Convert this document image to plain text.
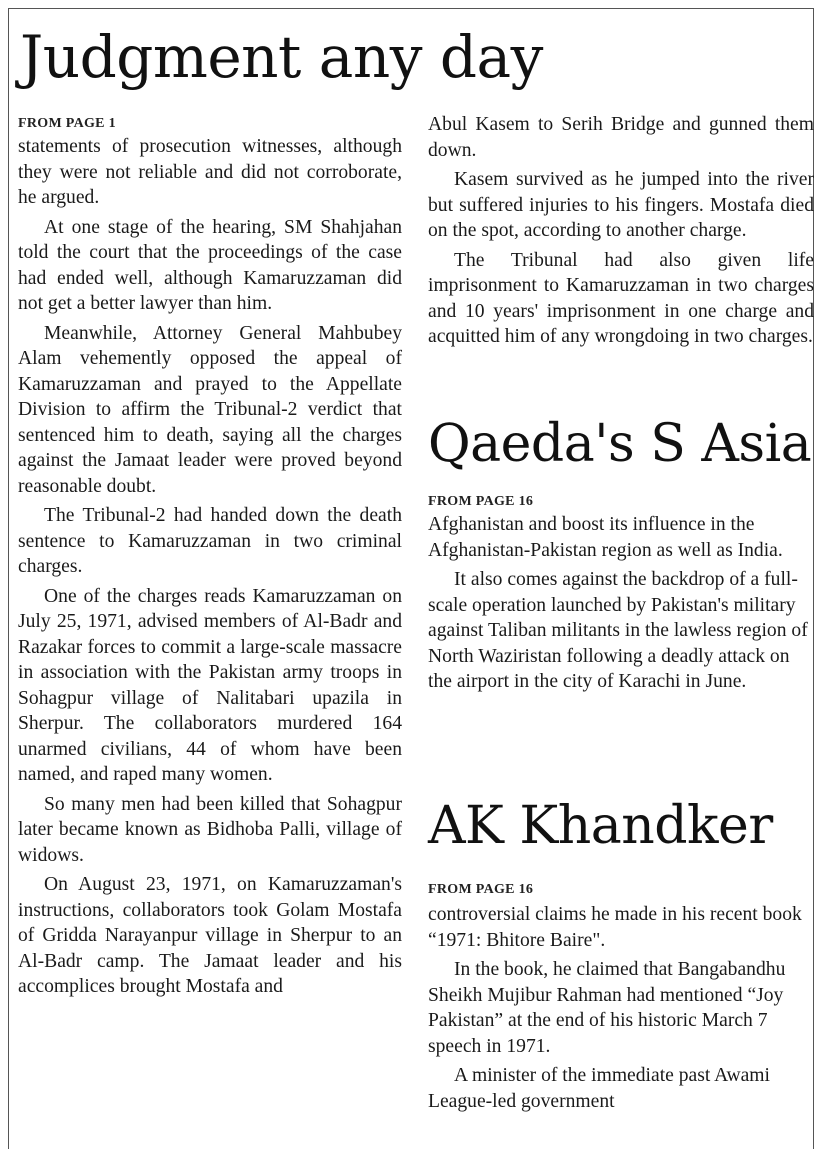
Judgment any day
FROM PAGE 1

statements of prosecution witnesses, although they were not reliable and did not corroborate, he argued.

At one stage of the hearing, SM Shahjahan told the court that the proceedings of the case had ended well, although Kamaruzzaman did not get a better lawyer than him.

Meanwhile, Attorney General Mahbubey Alam vehemently opposed the appeal of Kamaruzzaman and prayed to the Appellate Division to affirm the Tribunal-2 verdict that sentenced him to death, saying all the charges against the Jamaat leader were proved beyond reasonable doubt.

The Tribunal-2 had handed down the death sentence to Kamaruzzaman in two criminal charges.

One of the charges reads Kamaruzzaman on July 25, 1971, advised members of Al-Badr and Razakar forces to commit a large-scale massacre in association with the Pakistan army troops in Sohagpur village of Nalitabari upazila in Sherpur. The collaborators murdered 164 unarmed civilians, 44 of whom have been named, and raped many women.

So many men had been killed that Sohagpur later became known as Bidhoba Palli, village of widows.

On August 23, 1971, on Kamaruzzaman's instructions, collaborators took Golam Mostafa of Gridda Narayanpur village in Sherpur to an Al-Badr camp. The Jamaat leader and his accomplices brought Mostafa and

Abul Kasem to Serih Bridge and gunned them down.

Kasem survived as he jumped into the river but suffered injuries to his fingers. Mostafa died on the spot, according to another charge.

The Tribunal had also given life imprisonment to Kamaruzzaman in two charges and 10 years' imprisonment in one charge and acquitted him of any wrongdoing in two charges.

Qaeda's S Asia
FROM PAGE 16

Afghanistan and boost its influence in the Afghanistan-Pakistan region as well as India.

It also comes against the backdrop of a full-scale operation launched by Pakistan's military against Taliban militants in the lawless region of North Waziristan following a deadly attack on the airport in the city of Karachi in June.

AK Khandker
FROM PAGE 16

controversial claims he made in his recent book “1971: Bhitore Baire".

In the book, he claimed that Bangabandhu Sheikh Mujibur Rahman had mentioned “Joy Pakistan” at the end of his historic March 7 speech in 1971.

A minister of the immediate past Awami League-led government
